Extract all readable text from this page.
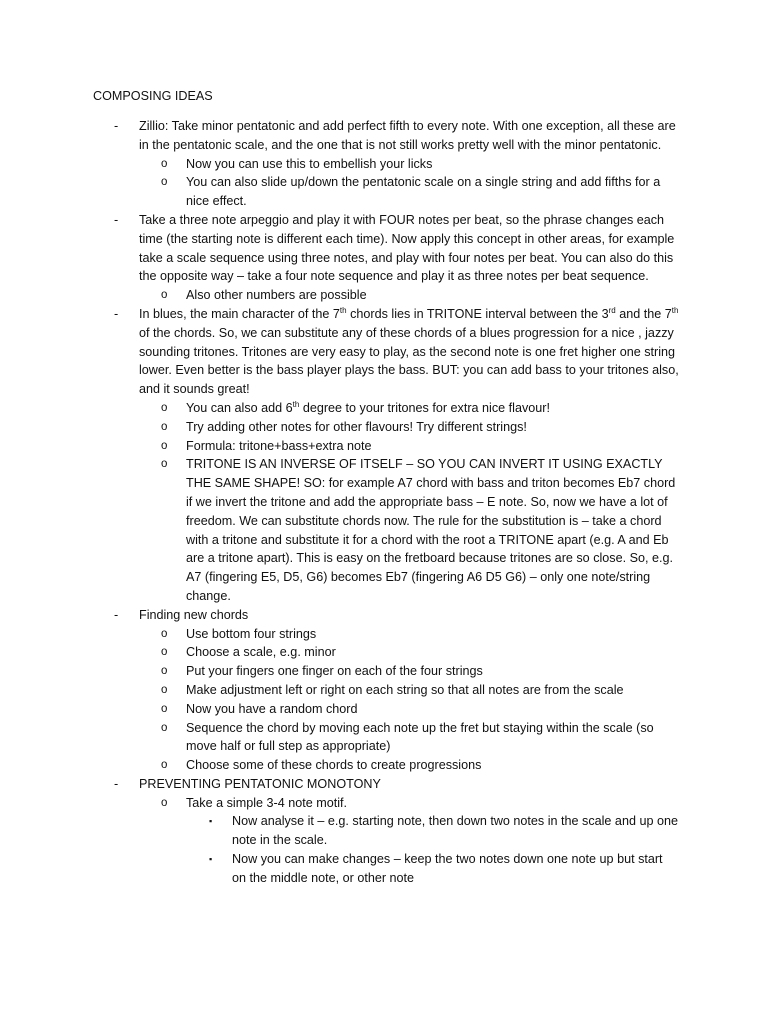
COMPOSING IDEAS
- Zillio: Take minor pentatonic and add perfect fifth to every note. With one exception, all these are in the pentatonic scale, and the one that is not still works pretty well with the minor pentatonic.
o Now you can use this to embellish your licks
o You can also slide up/down the pentatonic scale on a single string and add fifths for a nice effect.
- Take a three note arpeggio and play it with FOUR notes per beat, so the phrase changes each time (the starting note is different each time). Now apply this concept in other areas, for example take a scale sequence using three notes, and play with four notes per beat. You can also do this the opposite way – take a four note sequence and play it as three notes per beat sequence.
o Also other numbers are possible
- In blues, the main character of the 7th chords lies in TRITONE interval between the 3rd and the 7th of the chords. So, we can substitute any of these chords of a blues progression for a nice , jazzy sounding tritones. Tritones are very easy to play, as the second note is one fret higher one string lower. Even better is the bass player plays the bass. BUT: you can add bass to your tritones also, and it sounds great!
o You can also add 6th degree to your tritones for extra nice flavour!
o Try adding other notes for other flavours! Try different strings!
o Formula: tritone+bass+extra note
o TRITONE IS AN INVERSE OF ITSELF – SO YOU CAN INVERT IT USING EXACTLY THE SAME SHAPE! SO: for example A7 chord with bass and triton becomes Eb7 chord if we invert the tritone and add the appropriate bass – E note. So, now we have a lot of freedom. We can substitute chords now. The rule for the substitution is – take a chord with a tritone and substitute it for a chord with the root a TRITONE apart (e.g. A and Eb are a tritone apart). This is easy on the fretboard because tritones are so close. So, e.g. A7 (fingering E5, D5, G6) becomes Eb7 (fingering A6 D5 G6) – only one note/string change.
- Finding new chords
o Use bottom four strings
o Choose a scale, e.g. minor
o Put your fingers one finger on each of the four strings
o Make adjustment left or right on each string so that all notes are from the scale
o Now you have a random chord
o Sequence the chord by moving each note up the fret but staying within the scale (so move half or full step as appropriate)
o Choose some of these chords to create progressions
- PREVENTING PENTATONIC MONOTONY
o Take a simple 3-4 note motif.
▪ Now analyse it – e.g. starting note, then down two notes in the scale and up one note in the scale.
▪ Now you can make changes – keep the two notes down one note up but start on the middle note, or other note
